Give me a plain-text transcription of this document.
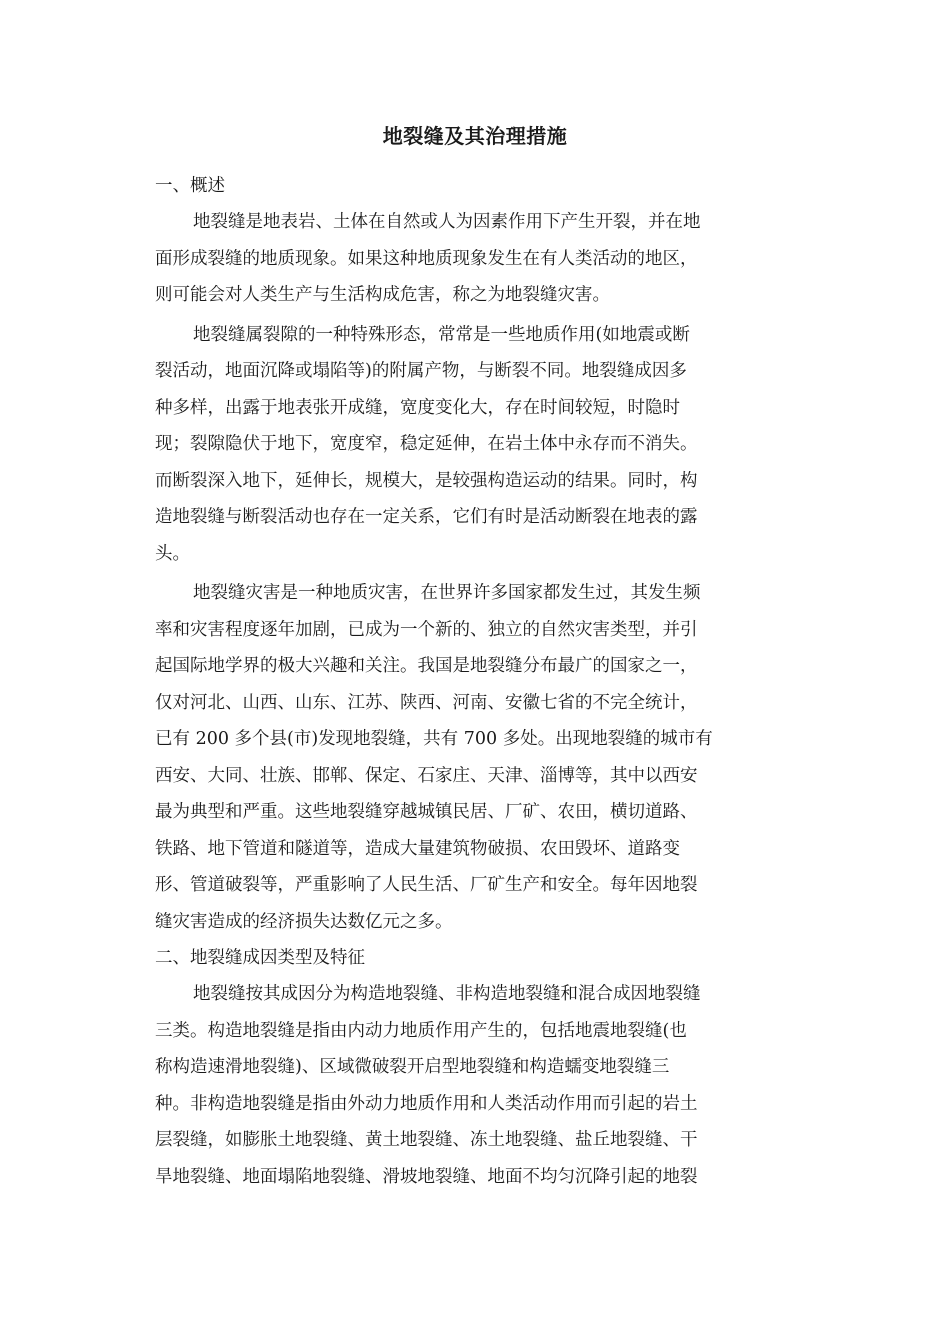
地裂缝及其治理措施
一、概述
地裂缝是地表岩、土体在自然或人为因素作用下产生开裂，并在地
面形成裂缝的地质现象。如果这种地质现象发生在有人类活动的地区，
则可能会对人类生产与生活构成危害，称之为地裂缝灾害。
地裂缝属裂隙的一种特殊形态，常常是一些地质作用(如地震或断
裂活动，地面沉降或塌陷等)的附属产物，与断裂不同。地裂缝成因多
种多样，出露于地表张开成缝，宽度变化大，存在时间较短，时隐时
现；裂隙隐伏于地下，宽度窄，稳定延伸，在岩土体中永存而不消失。
而断裂深入地下，延伸长，规模大，是较强构造运动的结果。同时，构
造地裂缝与断裂活动也存在一定关系，它们有时是活动断裂在地表的露
头。
地裂缝灾害是一种地质灾害，在世界许多国家都发生过，其发生频
率和灾害程度逐年加剧，已成为一个新的、独立的自然灾害类型，并引
起国际地学界的极大兴趣和关注。我国是地裂缝分布最广的国家之一，
仅对河北、山西、山东、江苏、陕西、河南、安徽七省的不完全统计，
已有 200 多个县(市)发现地裂缝，共有 700 多处。出现地裂缝的城市有
西安、大同、壮族、邯郸、保定、石家庄、天津、淄博等，其中以西安
最为典型和严重。这些地裂缝穿越城镇民居、厂矿、农田，横切道路、
铁路、地下管道和隧道等，造成大量建筑物破损、农田毁坏、道路变
形、管道破裂等，严重影响了人民生活、厂矿生产和安全。每年因地裂
缝灾害造成的经济损失达数亿元之多。
二、地裂缝成因类型及特征
地裂缝按其成因分为构造地裂缝、非构造地裂缝和混合成因地裂缝
三类。构造地裂缝是指由内动力地质作用产生的，包括地震地裂缝(也
称构造速滑地裂缝)、区域微破裂开启型地裂缝和构造蠕变地裂缝三
种。非构造地裂缝是指由外动力地质作用和人类活动作用而引起的岩土
层裂缝，如膨胀土地裂缝、黄土地裂缝、冻土地裂缝、盐丘地裂缝、干
旱地裂缝、地面塌陷地裂缝、滑坡地裂缝、地面不均匀沉降引起的地裂
